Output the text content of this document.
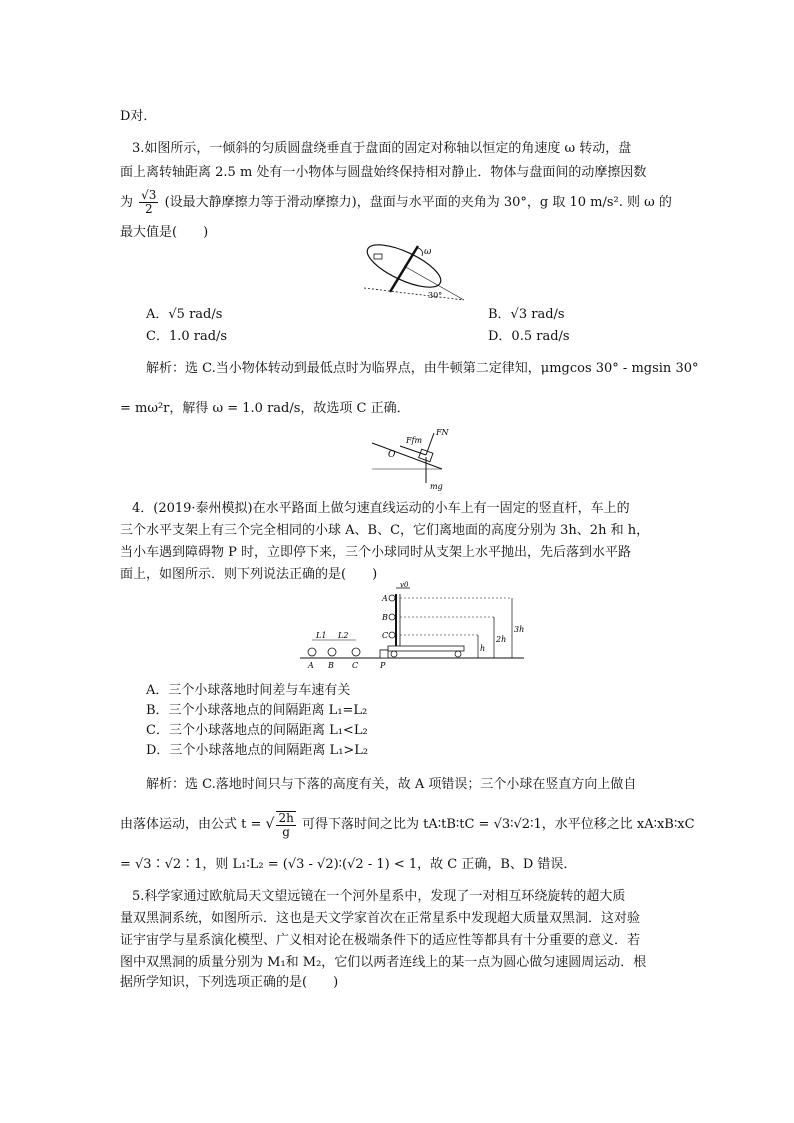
D对．
3.如图所示，一倾斜的匀质圆盘绕垂直于盘面的固定对称轴以恒定的角速度 ω 转动，盘
面上离转轴距离 2.5 m 处有一小物体与圆盘始终保持相对静止．物体与盘面间的动摩擦因数
为 $\frac{√3}{2}$ (设最大静摩擦力等于滑动摩擦力)，盘面与水平面的夹角为 30°，g 取 10 m/s². 则 ω 的
最大值是(　　)
ω
30°
A．√5 rad/s	B．√3 rad/s
C．1.0 rad/s	D．0.5 rad/s
解析：选 C.当小物体转动到最低点时为临界点，由牛顿第二定律知，μmgcos 30° - mgsin 30°
= mω²r，解得 ω = 1.0 rad/s，故选项 C 正确．
O
Ffm
FN
mg
4．(2019·泰州模拟)在水平路面上做匀速直线运动的小车上有一固定的竖直杆，车上的
三个水平支架上有三个完全相同的小球 A、B、C，它们离地面的高度分别为 3h、2h 和 h，
当小车遇到障碍物 P 时，立即停下来，三个小球同时从支架上水平抛出，先后落到水平路
面上，如图所示．则下列说法正确的是(　　)
v0
A
B
C
L1 L2
A B C	P
3h
2h
h
A．三个小球落地时间差与车速有关
B．三个小球落地点的间隔距离 L₁=L₂
C．三个小球落地点的间隔距离 L₁<L₂
D．三个小球落地点的间隔距离 L₁>L₂
解析：选 C.落地时间只与下落的高度有关，故 A 项错误；三个小球在竖直方向上做自
由落体运动，由公式 t = √ $\frac{2h}{g}$ 可得下落时间之比为 tA∶tB∶tC = √3∶√2∶1，水平位移之比 xA∶xB∶xC
= √3∶√2∶1，则 L₁∶L₂ = (√3 - √2)∶(√2 - 1) < 1，故 C 正确，B、D 错误．
5.科学家通过欧航局天文望远镜在一个河外星系中，发现了一对相互环绕旋转的超大质
量双黑洞系统，如图所示．这也是天文学家首次在正常星系中发现超大质量双黑洞．这对验
证宇宙学与星系演化模型、广义相对论在极端条件下的适应性等都具有十分重要的意义．若
图中双黑洞的质量分别为 M₁和 M₂，它们以两者连线上的某一点为圆心做匀速圆周运动．根
据所学知识，下列选项正确的是(　　)
